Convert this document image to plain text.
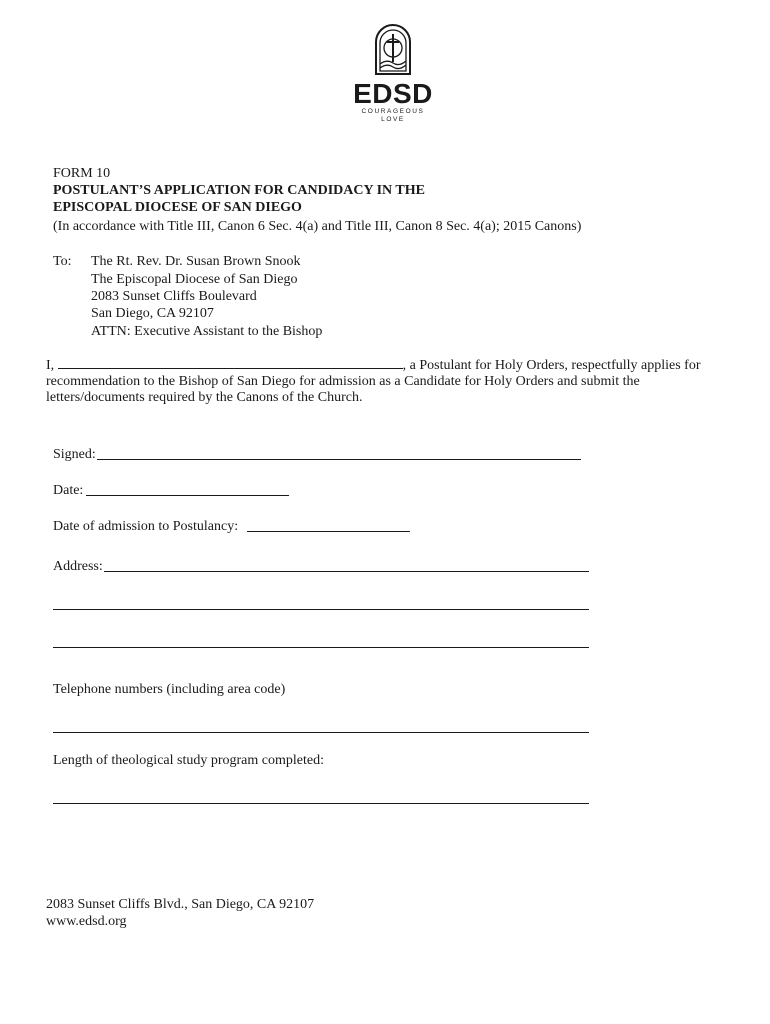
EDSD
COURAGEOUS LOVE
FORM 10
POSTULANT’S APPLICATION FOR CANDIDACY IN THE
EPISCOPAL DIOCESE OF SAN DIEGO
(In accordance with Title III, Canon 6 Sec. 4(a) and Title III, Canon 8 Sec. 4(a); 2015 Canons)
To: The Rt. Rev. Dr. Susan Brown Snook
The Episcopal Diocese of San Diego
2083 Sunset Cliffs Boulevard
San Diego, CA 92107
ATTN: Executive Assistant to the Bishop
I,	, a Postulant for Holy Orders, respectfully applies for recommendation to the Bishop of San Diego for admission as a Candidate for Holy Orders and submit the letters/documents required by the Canons of the Church.
Signed:
Date:
Date of admission to Postulancy:
Address:
Telephone numbers (including area code)
Length of theological study program completed:
2083 Sunset Cliffs Blvd., San Diego, CA 92107
www.edsd.org
